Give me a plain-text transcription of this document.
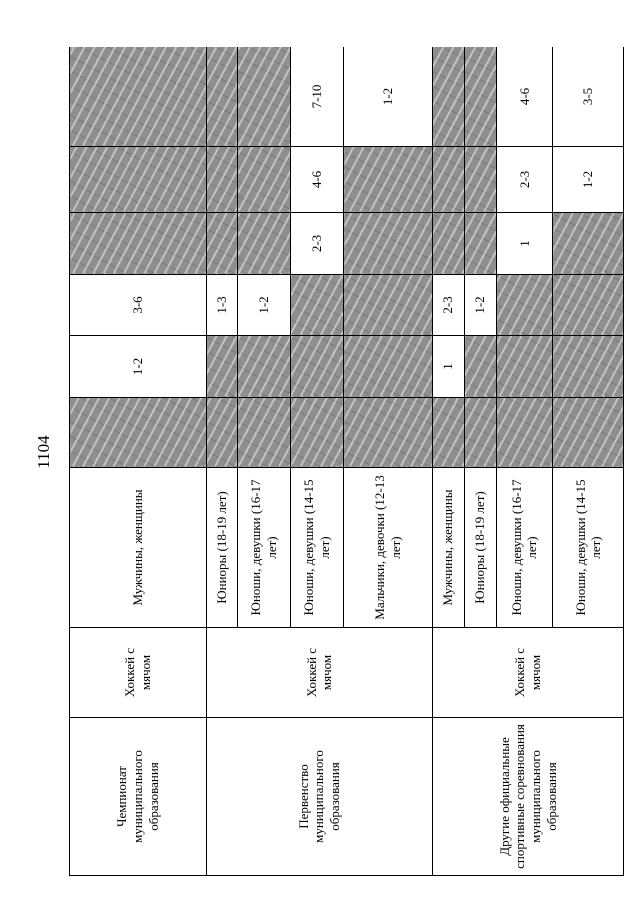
1104
Чемпионат муниципального образования	Хоккей с мячом	Мужчины, женщины		1-2	3-6			
Первенство муниципального образования	Хоккей с мячом	Юниоры (18-19 лет)			1-3			
		Юноши, девушки (16-17 лет)			1-2			
		Юноши, девушки (14-15 лет)				2-3	4-6	7-10
		Мальчики, девочки (12-13 лет)						1-2
Другие официальные спортивные соревнования муниципального образования	Хоккей с мячом	Мужчины, женщины		1	2-3			
		Юниоры (18-19 лет)			1-2			
		Юноши, девушки (16-17 лет)				1	2-3	4-6
		Юноши, девушки (14-15 лет)					1-2	3-5
